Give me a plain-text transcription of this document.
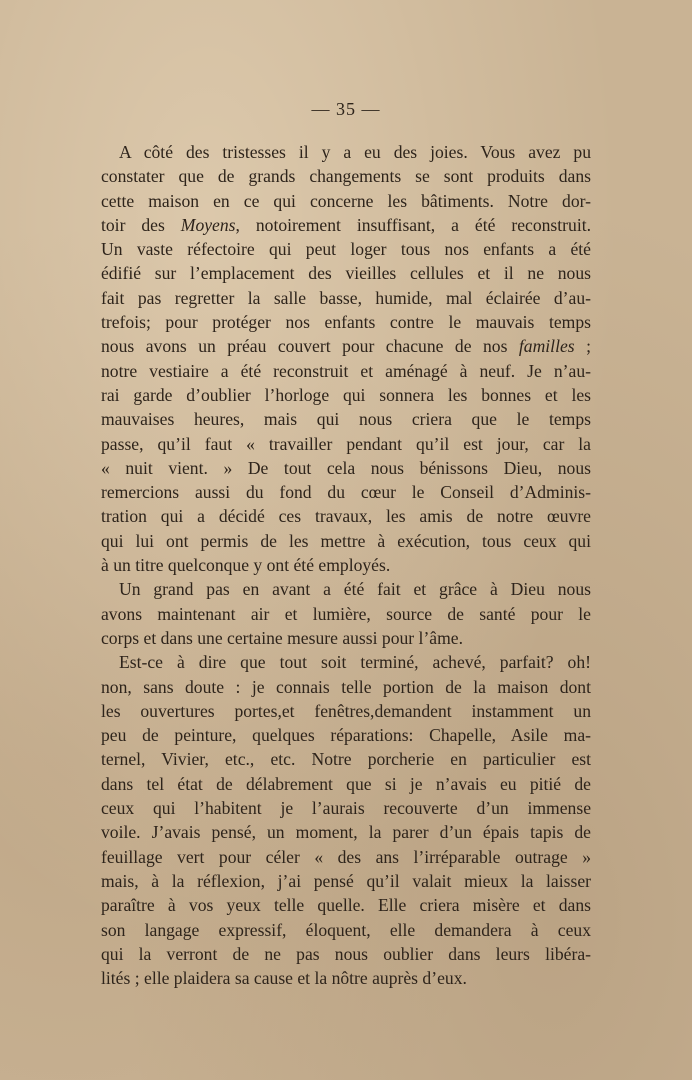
— 35 —
A côté des tristesses il y a eu des joies. Vous avez pu
constater que de grands changements se sont produits dans
cette maison en ce qui concerne les bâtiments. Notre dor-
toir des Moyens, notoirement insuffisant, a été reconstruit.
Un vaste réfectoire qui peut loger tous nos enfants a été
édifié sur l’emplacement des vieilles cellules et il ne nous
fait pas regretter la salle basse, humide, mal éclairée d’au-
trefois; pour protéger nos enfants contre le mauvais temps
nous avons un préau couvert pour chacune de nos familles ;
notre vestiaire a été reconstruit et aménagé à neuf. Je n’au-
rai garde d’oublier l’horloge qui sonnera les bonnes et les
mauvaises heures, mais qui nous criera que le temps
passe, qu’il faut « travailler pendant qu’il est jour, car la
« nuit vient. » De tout cela nous bénissons Dieu, nous
remercions aussi du fond du cœur le Conseil d’Adminis-
tration qui a décidé ces travaux, les amis de notre œuvre
qui lui ont permis de les mettre à exécution, tous ceux qui
à un titre quelconque y ont été employés.
Un grand pas en avant a été fait et grâce à Dieu nous
avons maintenant air et lumière, source de santé pour le
corps et dans une certaine mesure aussi pour l’âme.
Est-ce à dire que tout soit terminé, achevé, parfait? oh!
non, sans doute : je connais telle portion de la maison dont
les ouvertures portes,et fenêtres,demandent instamment un
peu de peinture, quelques réparations: Chapelle, Asile ma-
ternel, Vivier, etc., etc. Notre porcherie en particulier est
dans tel état de délabrement que si je n’avais eu pitié de
ceux qui l’habitent je l’aurais recouverte d’un immense
voile. J’avais pensé, un moment, la parer d’un épais tapis de
feuillage vert pour céler « des ans l’irréparable outrage »
mais, à la réflexion, j’ai pensé qu’il valait mieux la laisser
paraître à vos yeux telle quelle. Elle criera misère et dans
son langage expressif, éloquent, elle demandera à ceux
qui la verront de ne pas nous oublier dans leurs libéra-
lités ; elle plaidera sa cause et la nôtre auprès d’eux.
